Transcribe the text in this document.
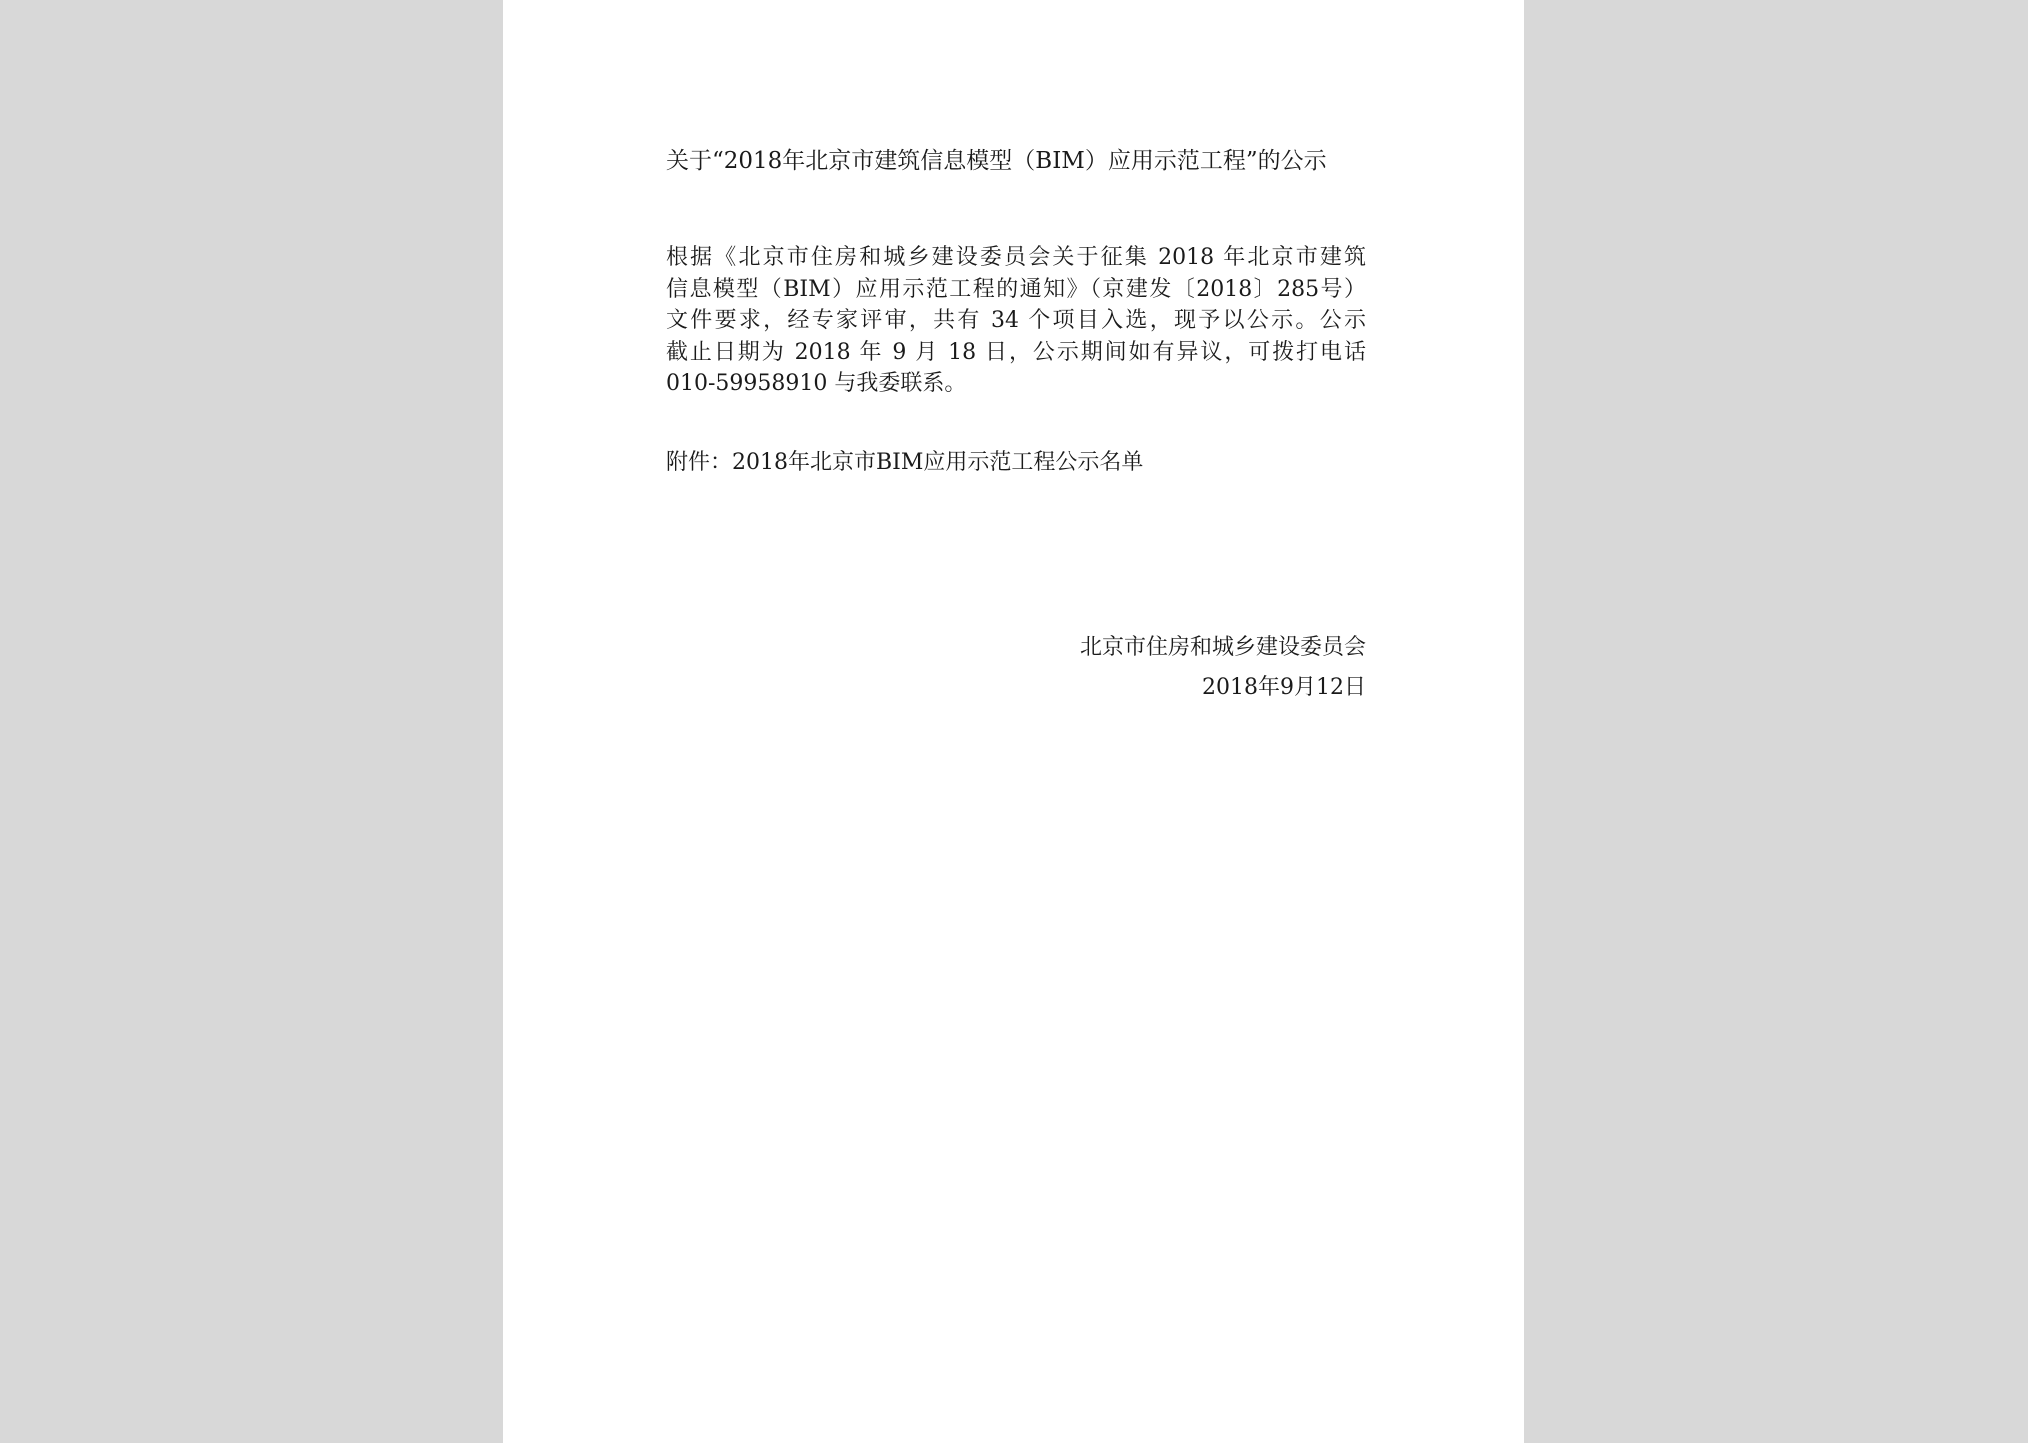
关于“2018年北京市建筑信息模型（BIM）应用示范工程”的公示
根据《北京市住房和城乡建设委员会关于征集 2018 年北京市建筑
信息模型（BIM）应用示范工程的通知》（京建发〔2018〕285号）
文件要求，经专家评审，共有 34 个项目入选，现予以公示。公示
截止日期为 2018 年 9 月 18 日，公示期间如有异议，可拨打电话
010-59958910 与我委联系。
附件：2018年北京市BIM应用示范工程公示名单
北京市住房和城乡建设委员会
2018年9月12日
